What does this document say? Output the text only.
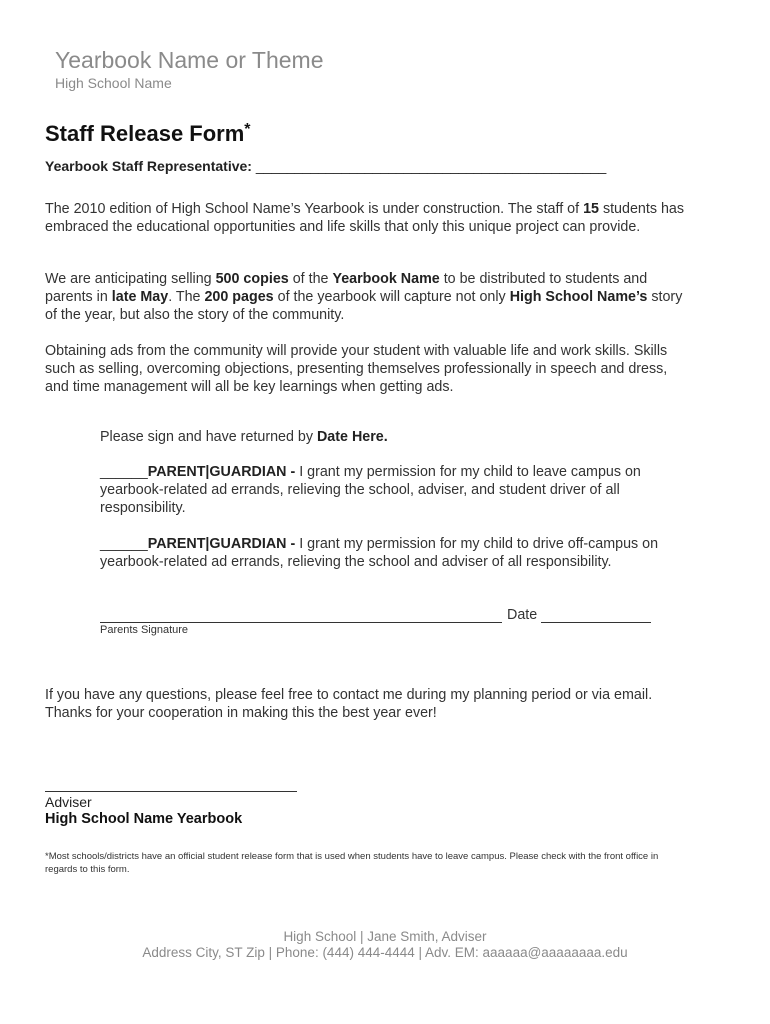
Yearbook Name or Theme
High School Name
Staff Release Form*
Yearbook Staff Representative: _____________________________________________
The 2010 edition of High School Name’s Yearbook is under construction. The staff of 15 students has embraced the educational opportunities and life skills that only this unique project can provide.
We are anticipating selling 500 copies of the Yearbook Name to be distributed to students and parents in late May. The 200 pages of the yearbook will capture not only High School Name’s story of the year, but also the story of the community.
Obtaining ads from the community will provide your student with valuable life and work skills. Skills such as selling, overcoming objections, presenting themselves professionally in speech and dress, and time management will all be key learnings when getting ads.
Please sign and have returned by Date Here.
______PARENT|GUARDIAN - I grant my permission for my child to leave campus on yearbook-related ad errands, relieving the school, adviser, and student driver of all responsibility.
______PARENT|GUARDIAN - I grant my permission for my child to drive off-campus on yearbook-related ad errands, relieving the school and adviser of all responsibility.
Date
Parents Signature
If you have any questions, please feel free to contact me during my planning period or via email. Thanks for your cooperation in making this the best year ever!
Adviser
High School Name Yearbook
*Most schools/districts have an official student release form that is used when students have to leave campus. Please check with the front office in regards to this form.
High School | Jane Smith, Adviser
Address City, ST Zip | Phone: (444) 444-4444 | Adv. EM: aaaaaa@aaaaaaaa.edu
